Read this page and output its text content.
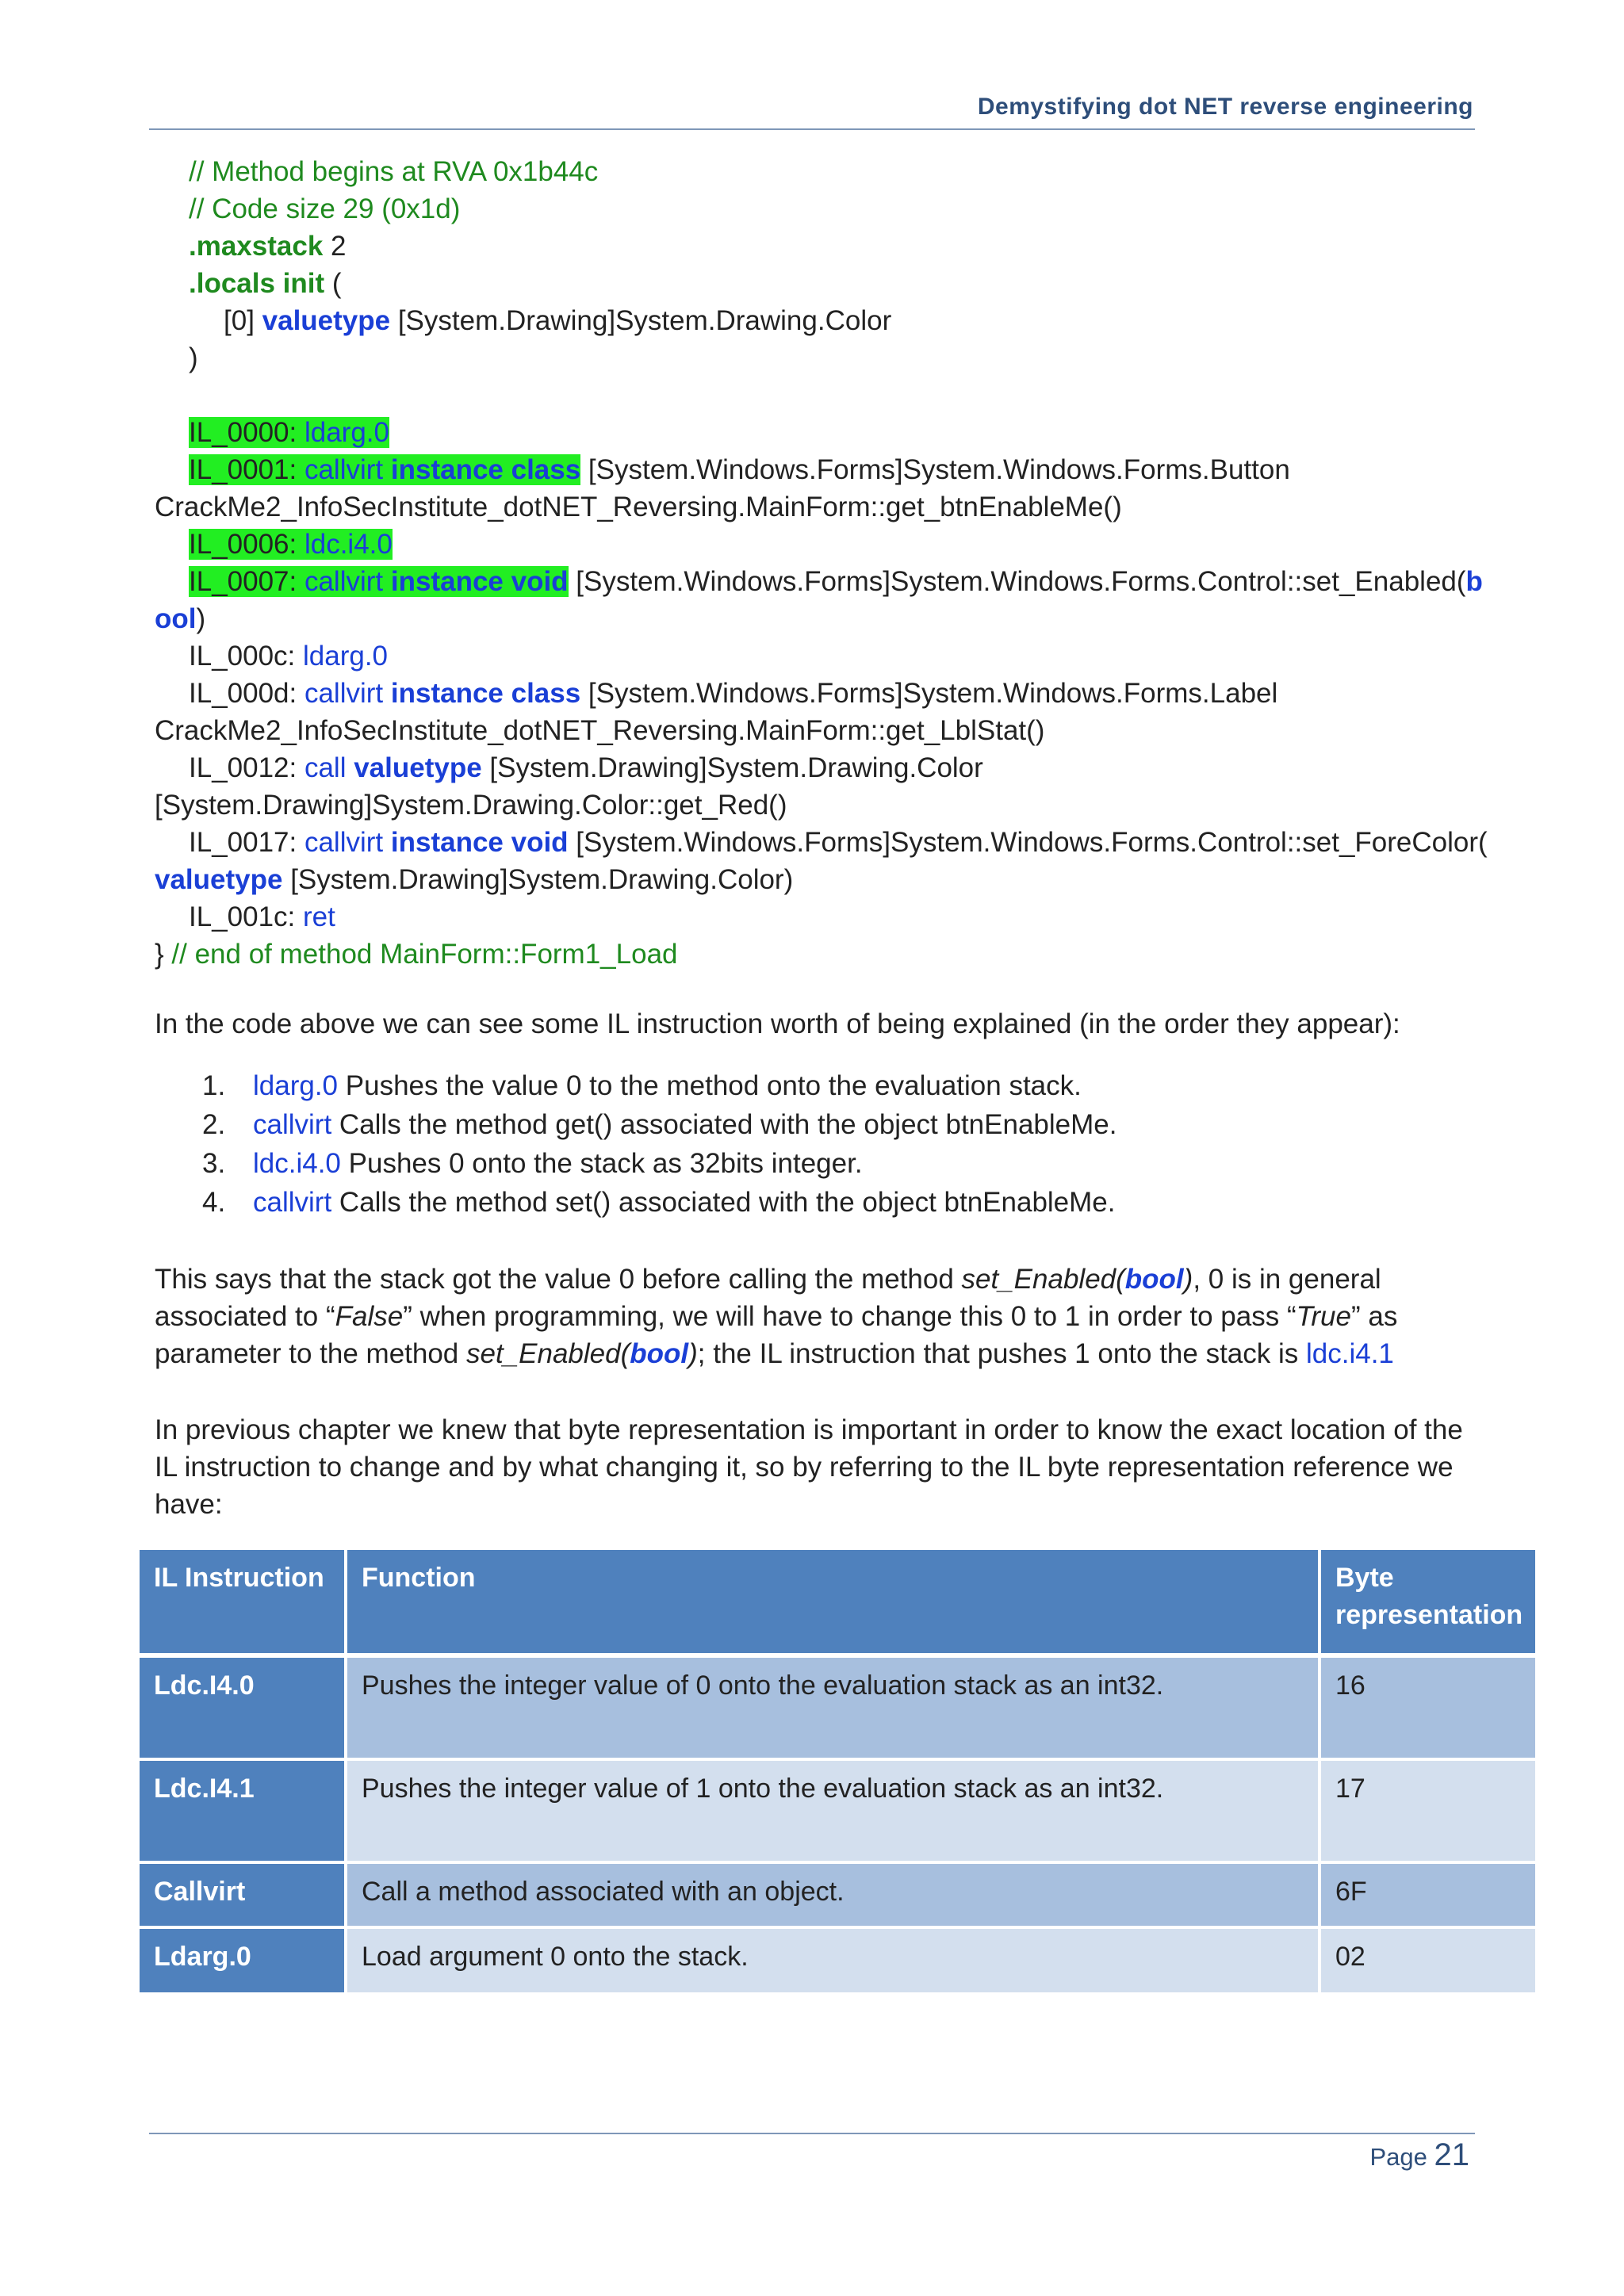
Demystifying dot NET reverse engineering
// Method begins at RVA 0x1b44c
// Code size 29 (0x1d)
.maxstack 2
.locals init (
[0] valuetype [System.Drawing]System.Drawing.Color
)
IL_0000: ldarg.0
IL_0001: callvirt instance class [System.Windows.Forms]System.Windows.Forms.Button
CrackMe2_InfoSecInstitute_dotNET_Reversing.MainForm::get_btnEnableMe()
IL_0006: ldc.i4.0
IL_0007: callvirt instance void [System.Windows.Forms]System.Windows.Forms.Control::set_Enabled(b
ool)
IL_000c: ldarg.0
IL_000d: callvirt instance class [System.Windows.Forms]System.Windows.Forms.Label
CrackMe2_InfoSecInstitute_dotNET_Reversing.MainForm::get_LblStat()
IL_0012: call valuetype [System.Drawing]System.Drawing.Color
[System.Drawing]System.Drawing.Color::get_Red()
IL_0017: callvirt instance void [System.Windows.Forms]System.Windows.Forms.Control::set_ForeColor(
valuetype [System.Drawing]System.Drawing.Color)
IL_001c: ret
} // end of method MainForm::Form1_Load
In the code above we can see some IL instruction worth of being explained (in the order they appear):
1. ldarg.0 Pushes the value 0 to the method onto the evaluation stack.
2. callvirt Calls the method get() associated with the object btnEnableMe.
3. ldc.i4.0 Pushes 0 onto the stack as 32bits integer.
4. callvirt Calls the method set() associated with the object btnEnableMe.
This says that the stack got the value 0 before calling the method set_Enabled(bool), 0 is in general associated to “False” when programming, we will have to change this 0 to 1 in order to pass “True” as parameter to the method set_Enabled(bool); the IL instruction that pushes 1 onto the stack is ldc.i4.1
In previous chapter we knew that byte representation is important in order to know the exact location of the IL instruction to change and by what changing it, so by referring to the IL byte representation reference we have:
IL Instruction	Function	Byte representation
Ldc.I4.0	Pushes the integer value of 0 onto the evaluation stack as an int32.	16
Ldc.I4.1	Pushes the integer value of 1 onto the evaluation stack as an int32.	17
Callvirt	Call a method associated with an object.	6F
Ldarg.0	Load argument 0 onto the stack.	02
Page 21
